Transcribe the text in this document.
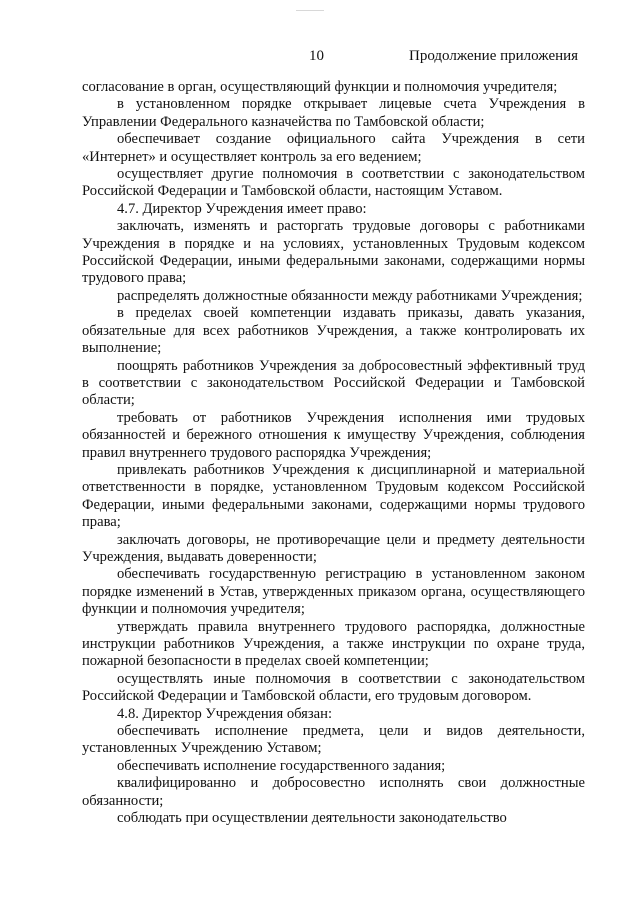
10	Продолжение приложения

согласование в орган, осуществляющий функции и полномочия учредителя;

в установленном порядке открывает лицевые счета Учреждения в Управлении Федерального казначейства по Тамбовской области;

обеспечивает создание официального сайта Учреждения в сети «Интернет» и осуществляет контроль за его ведением;

осуществляет другие полномочия в соответствии с законодательством Российской Федерации и Тамбовской области, настоящим Уставом.

4.7. Директор Учреждения имеет право:

заключать, изменять и расторгать трудовые договоры с работниками Учреждения в порядке и на условиях, установленных Трудовым кодексом Российской Федерации, иными федеральными законами, содержащими нормы трудового права;

распределять должностные обязанности между работниками Учреждения;

в пределах своей компетенции издавать приказы, давать указания, обязательные для всех работников Учреждения, а также контролировать их выполнение;

поощрять работников Учреждения за добросовестный эффективный труд в соответствии с законодательством Российской Федерации и Тамбовской области;

требовать от работников Учреждения исполнения ими трудовых обязанностей и бережного отношения к имуществу Учреждения, соблюдения правил внутреннего трудового распорядка Учреждения;

привлекать работников Учреждения к дисциплинарной и материальной ответственности в порядке, установленном Трудовым кодексом Российской Федерации, иными федеральными законами, содержащими нормы трудового права;

заключать договоры, не противоречащие цели и предмету деятельности Учреждения, выдавать доверенности;

обеспечивать государственную регистрацию в установленном законом порядке изменений в Устав, утвержденных приказом органа, осуществляющего функции и полномочия учредителя;

утверждать правила внутреннего трудового распорядка, должностные инструкции работников Учреждения, а также инструкции по охране труда, пожарной безопасности в пределах своей компетенции;

осуществлять иные полномочия в соответствии с законодательством Российской Федерации и Тамбовской области, его трудовым договором.

4.8. Директор Учреждения обязан:

обеспечивать исполнение предмета, цели и видов деятельности, установленных Учреждению Уставом;

обеспечивать исполнение государственного задания;

квалифицированно и добросовестно исполнять свои должностные обязанности;

соблюдать при осуществлении деятельности законодательство
